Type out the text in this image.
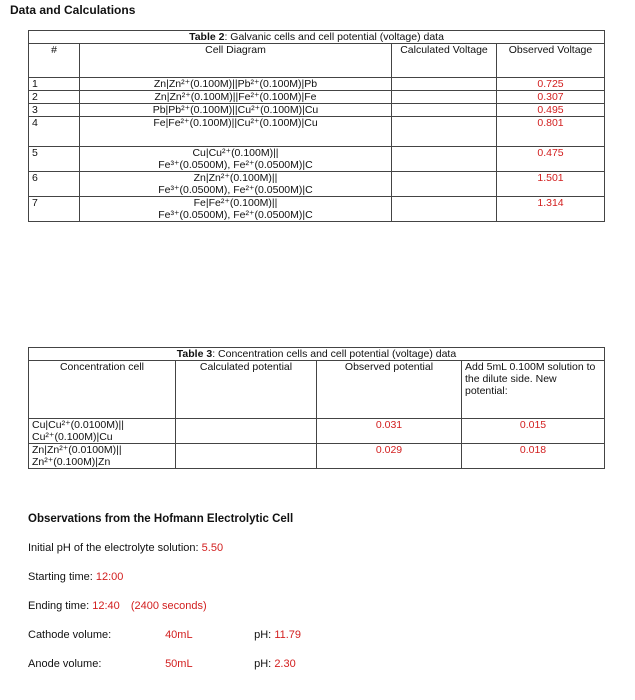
Data and Calculations
Table 2: Galvanic cells and cell potential (voltage) data			
#	Cell Diagram	Calculated Voltage	Observed Voltage
1	Zn|Zn²⁺(0.100M)||Pb²⁺(0.100M)|Pb		0.725
2	Zn|Zn²⁺(0.100M)||Fe²⁺(0.100M)|Fe		0.307
3	Pb|Pb²⁺(0.100M)||Cu²⁺(0.100M)|Cu		0.495
4	Fe|Fe²⁺(0.100M)||Cu²⁺(0.100M)|Cu		0.801
5	Cu|Cu²⁺(0.100M)||
Fe³⁺(0.0500M), Fe²⁺(0.0500M)|C		0.475
6	Zn|Zn²⁺(0.100M)||
Fe³⁺(0.0500M), Fe²⁺(0.0500M)|C		1.501
7	Fe|Fe²⁺(0.100M)||
Fe³⁺(0.0500M), Fe²⁺(0.0500M)|C		1.314
Table 3: Concentration cells and cell potential (voltage) data			
Concentration cell	Calculated potential	Observed potential	Add 5mL 0.100M solution to the dilute side. New potential:

Cu|Cu²⁺(0.0100M)||
Cu²⁺(0.100M)|Cu		0.031	0.015

Zn|Zn²⁺(0.0100M)||
Zn²⁺(0.100M)|Zn		0.029	0.018
Observations from the Hofmann Electrolytic Cell
Initial pH of the electrolyte solution: 5.50
Starting time: 12:00
Ending time: 12:40 (2400 seconds)
Cathode volume:	40mL	pH: 11.79
Anode volume:	50mL	pH: 2.30
